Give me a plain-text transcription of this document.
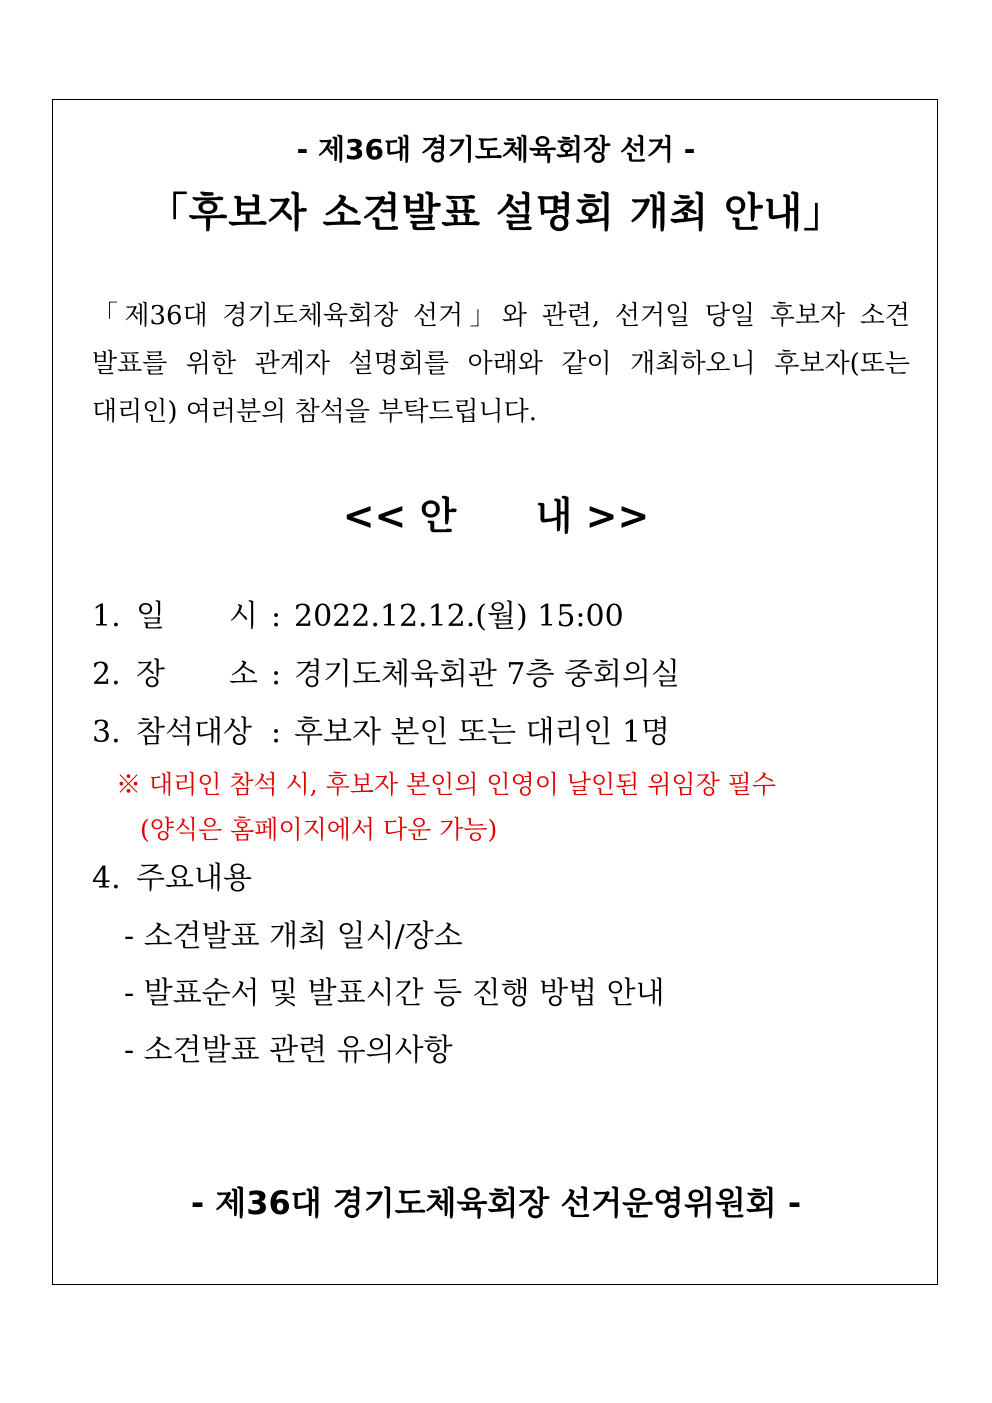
- 제36대 경기도체육회장 선거 -
「후보자 소견발표 설명회 개최 안내」
「제36대 경기도체육회장 선거」와 관련, 선거일 당일 후보자 소견
발표를 위한 관계자 설명회를 아래와 같이 개최하오니 후보자(또는
대리인) 여러분의 참석을 부탁드립니다.
<< 안      내 >>
1. 일 시 : 2022.12.12.(월) 15:00
2. 장 소 : 경기도체육회관 7층 중회의실
3. 참석대상 : 후보자 본인 또는 대리인 1명
※ 대리인 참석 시, 후보자 본인의 인영이 날인된 위임장 필수
(양식은 홈페이지에서 다운 가능)
4. 주요내용
- 소견발표 개최 일시/장소
- 발표순서 및 발표시간 등 진행 방법 안내
- 소견발표 관련 유의사항
- 제36대 경기도체육회장 선거운영위원회 -
